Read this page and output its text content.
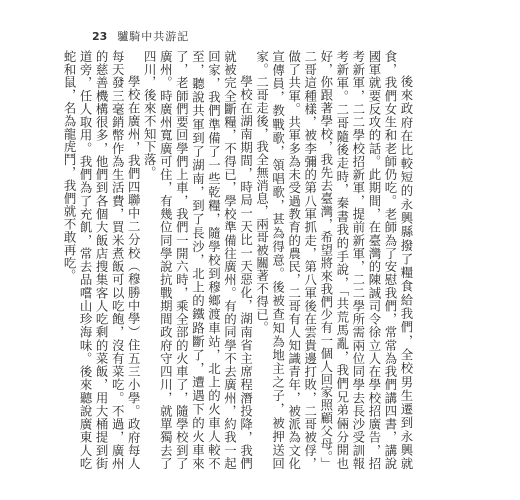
23 驢騎中共游記

後來政府在比較短的永興縣撥了糧食給我們，全校男生遷到永興就食，我們女生和老師仍吃。老師為了安慰我們，常常為我們講四書，講說國軍就要反攻的話。此期間，在臺灣的陳誠司令徐立人在學校招廣告，招考新軍，二二學校招新軍，提前新軍，二二學所需兩位同學去長沙受訓報考新軍。二哥隨後走時，秦書我的手說，「共荒馬亂，我們兄弟倆分開也好，你跟著學校，我先去臺灣，希望將來我們少有一個人回家照顧父母。」二哥這種樣，被李彌的第八軍抓走，第八軍後在雲貴邊打敗，二哥被俘，做了共軍。共軍多為未受過教育的農民，二哥有人知識青年，被派為文化宣傳員，教戰歌，領唱歌，甚為得意。後被查知為地主之子，被押送回家。二哥走後，我全無消息，兩哥被關著不得已。

學校在湖南期間，時局一天比一天惡化，湖南省主席程潛投降，我們就被完全斷糧，不得已，學校準備往廣州。有的同學不去廣州，約我一起回家，我們準備了一些乾糧，隨學校到穆鄉渡車站，北上的火車人較不至，聽說共軍到了湖南，到了長沙，北上的鐵路斷了，遭遇下的火車來了，老師們要回學們上車，我們一開六時，乘全部的火車了，隨學校到了廣州。時廣州寬廣可住，有幾位同學說抗戰期間政府守四川，就單獨去了四川，後來不知下落。

學校在廣州，我們四聯中二分校（穆勝中學）住五三小學。政府每人每天發三毫銷幣作為生活費，買米煮飯可以吃飽，沒有菜吃。不過，廣州的慈善機構很多，他們到各個大飯店搜集客人吃剩的菜飯，用大桶提到街道旁，任人取用。我們為了充飢，常去品嚐山珍海味。後來聽說廣東人吃蛇和鼠，名為龍虎鬥，我們就不敢再吃。
